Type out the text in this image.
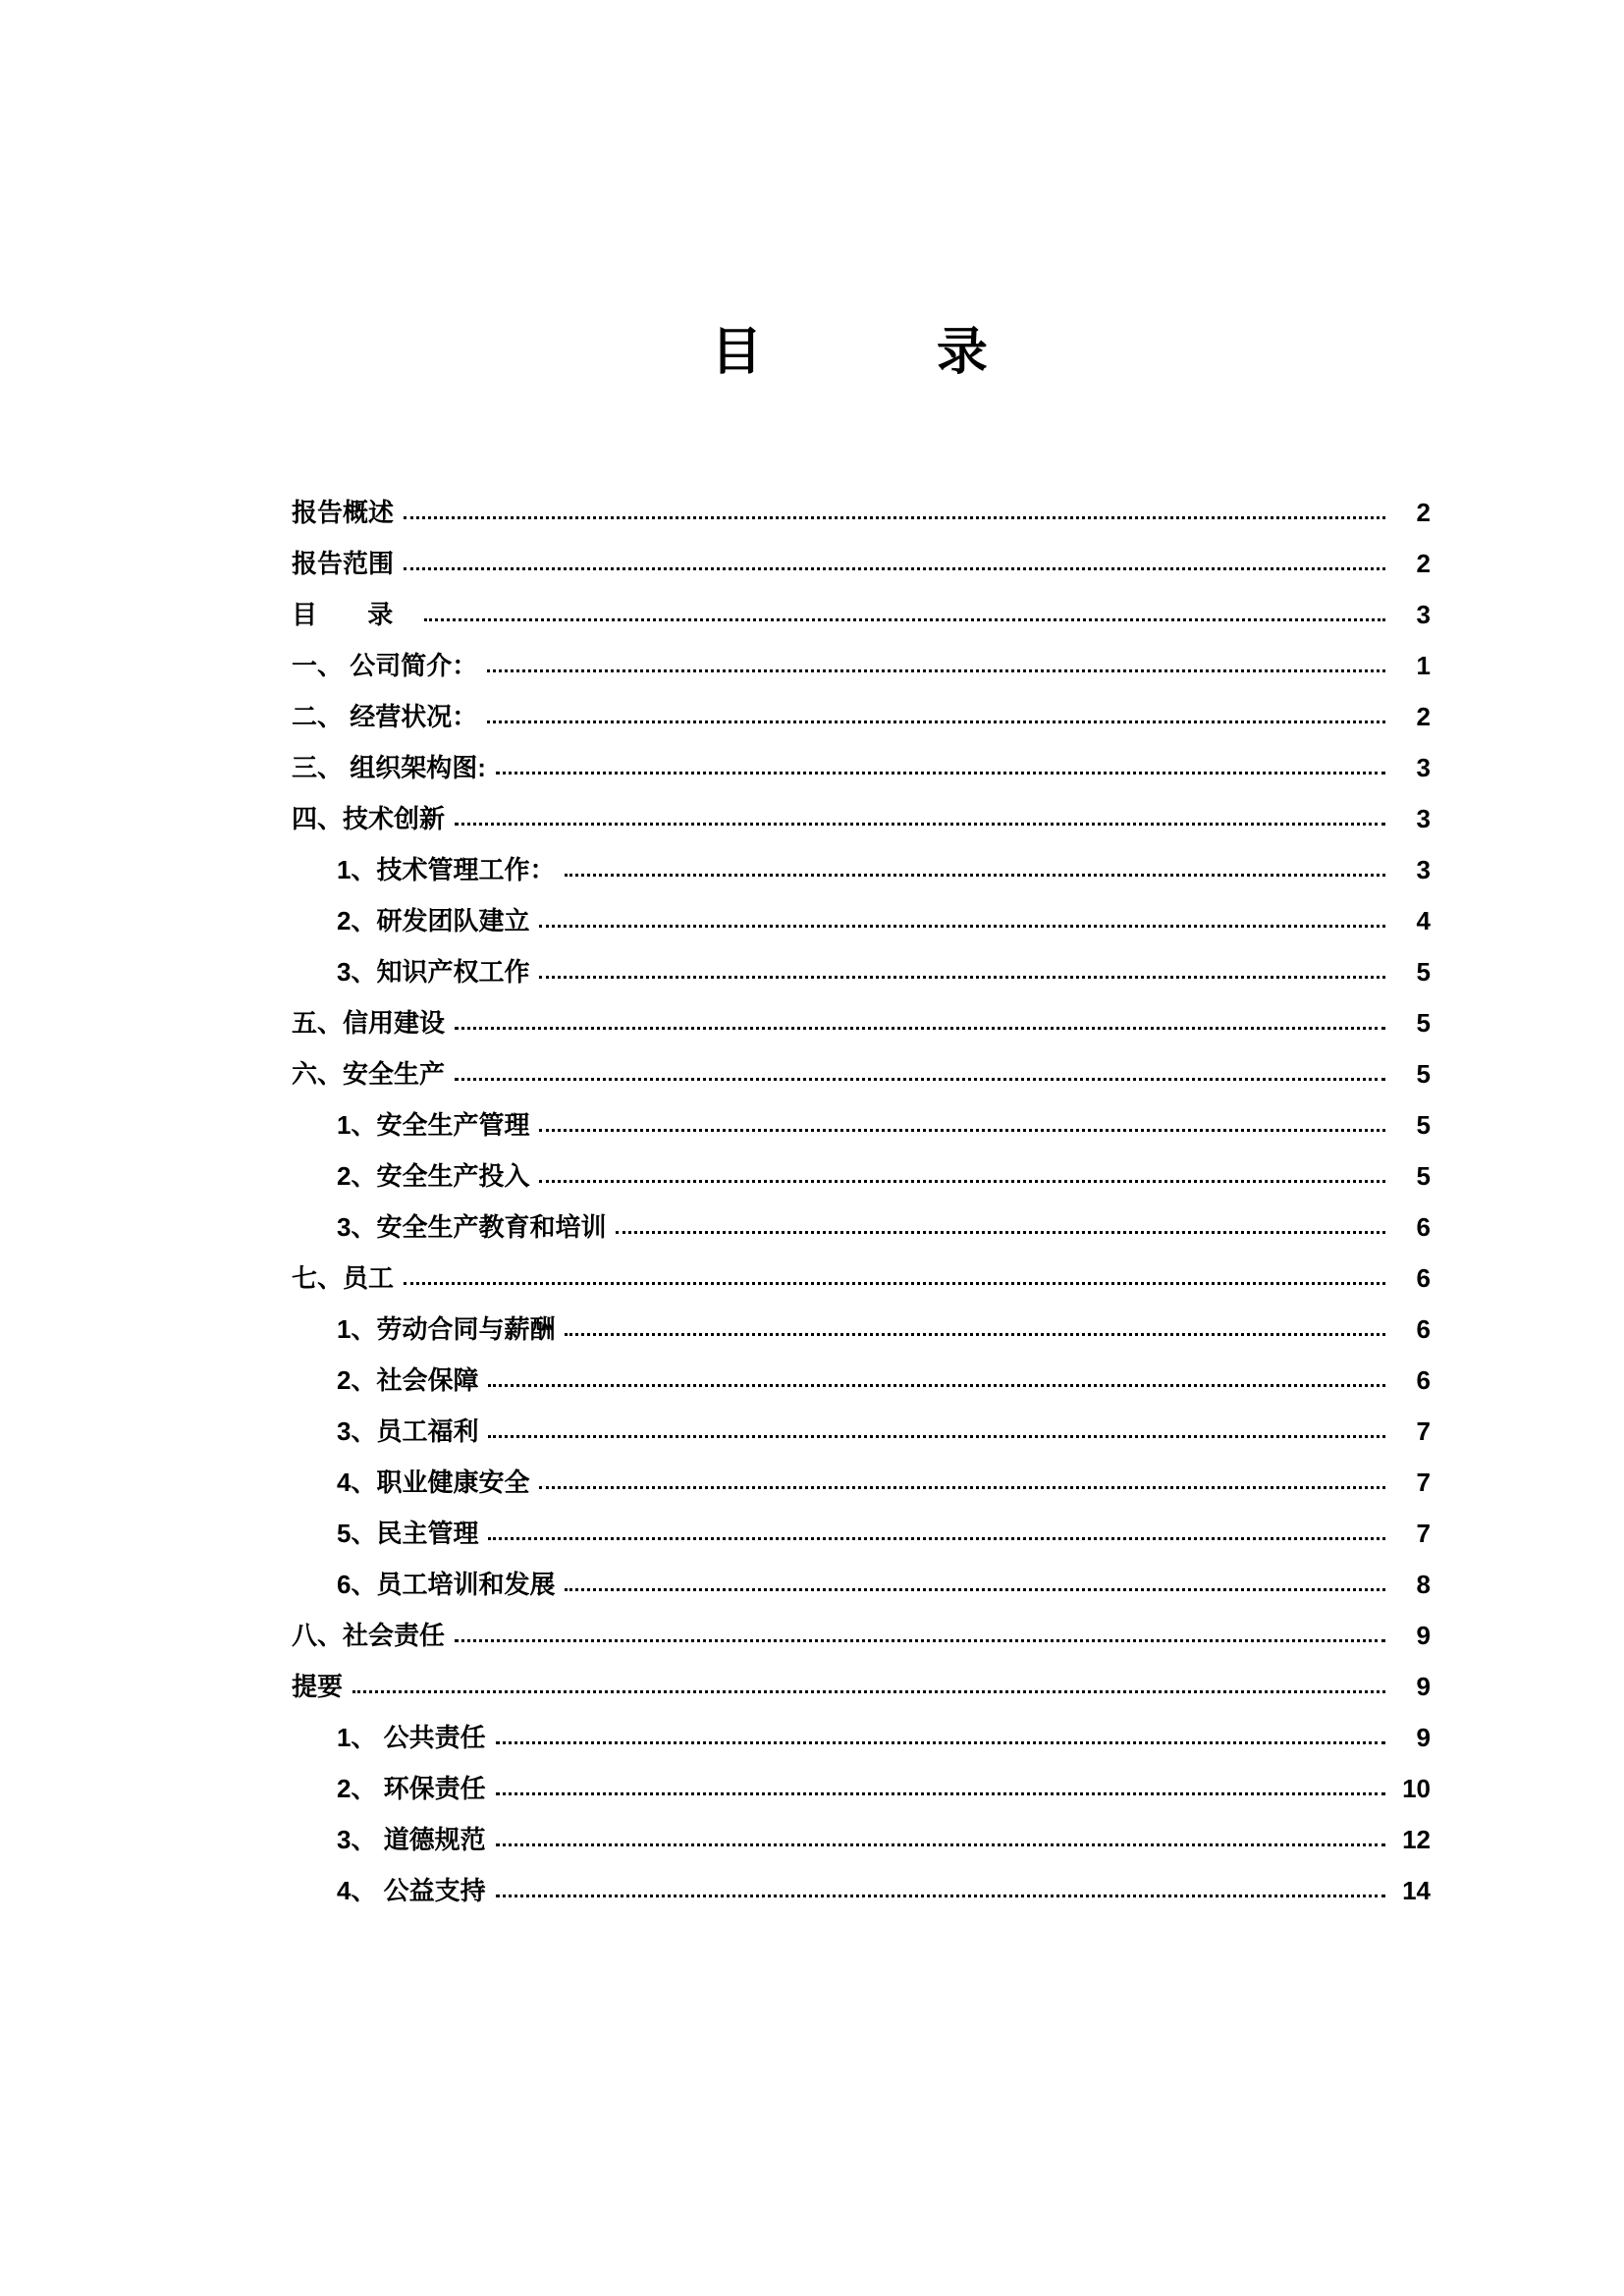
目    录
报告概述	2
报告范围	2
目 录	3
一、 公司简介：	1
二、 经营状况：	2
三、 组织架构图:	3
四、技术创新	3
1、技术管理工作：	3
2、研发团队建立	4
3、知识产权工作	5
五、信用建设	5
六、安全生产	5
1、安全生产管理	5
2、安全生产投入	5
3、安全生产教育和培训	6
七、员工	6
1、劳动合同与薪酬	6
2、社会保障	6
3、员工福利	7
4、职业健康安全	7
5、民主管理	7
6、员工培训和发展	8
八、社会责任	9
提要	9
1、 公共责任	9
2、 环保责任	10
3、 道德规范	12
4、 公益支持	14
